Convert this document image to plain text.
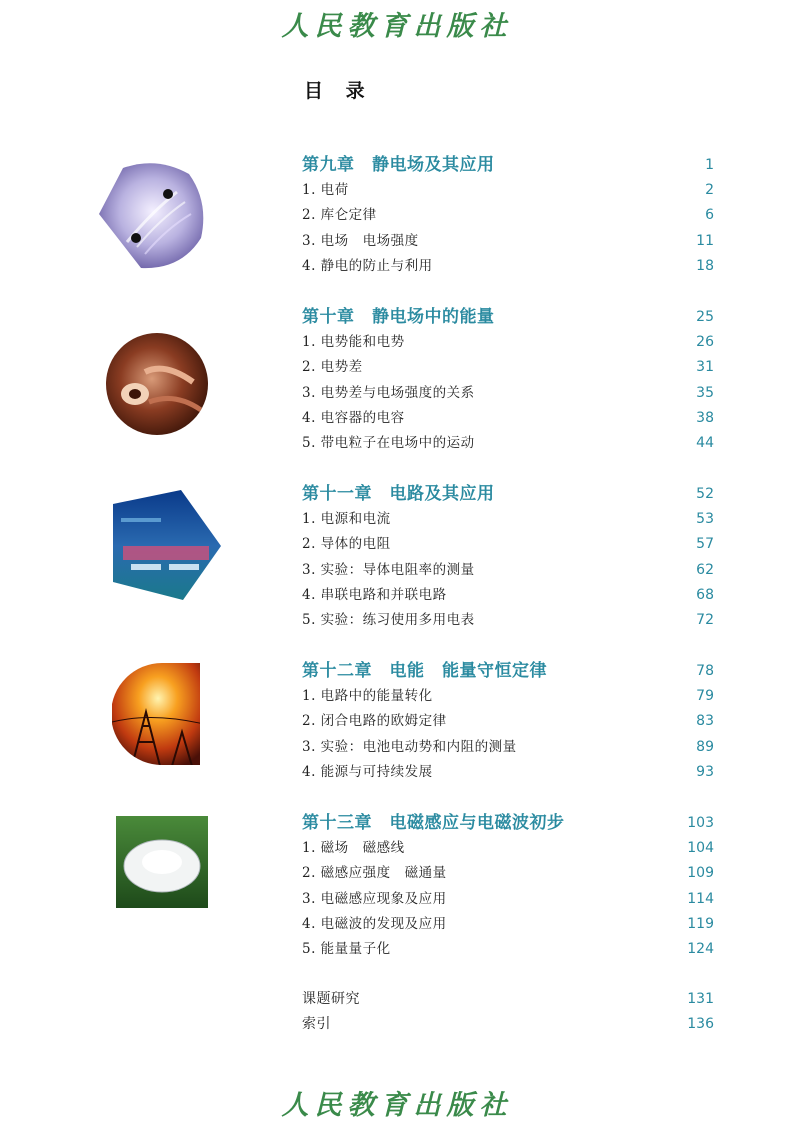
人民教育出版社
目 录
第九章　静电场及其应用	1
1. 电荷	2
2. 库仑定律	6
3. 电场　电场强度	11
4. 静电的防止与利用	18
第十章　静电场中的能量	25
1. 电势能和电势	26
2. 电势差	31
3. 电势差与电场强度的关系	35
4. 电容器的电容	38
5. 带电粒子在电场中的运动	44
第十一章　电路及其应用	52
1. 电源和电流	53
2. 导体的电阻	57
3. 实验：导体电阻率的测量	62
4. 串联电路和并联电路	68
5. 实验：练习使用多用电表	72
第十二章　电能　能量守恒定律	78
1. 电路中的能量转化	79
2. 闭合电路的欧姆定律	83
3. 实验：电池电动势和内阻的测量	89
4. 能源与可持续发展	93
第十三章　电磁感应与电磁波初步	103
1. 磁场　磁感线	104
2. 磁感应强度　磁通量	109
3. 电磁感应现象及应用	114
4. 电磁波的发现及应用	119
5. 能量量子化	124
课题研究	131
索引	136
人民教育出版社
